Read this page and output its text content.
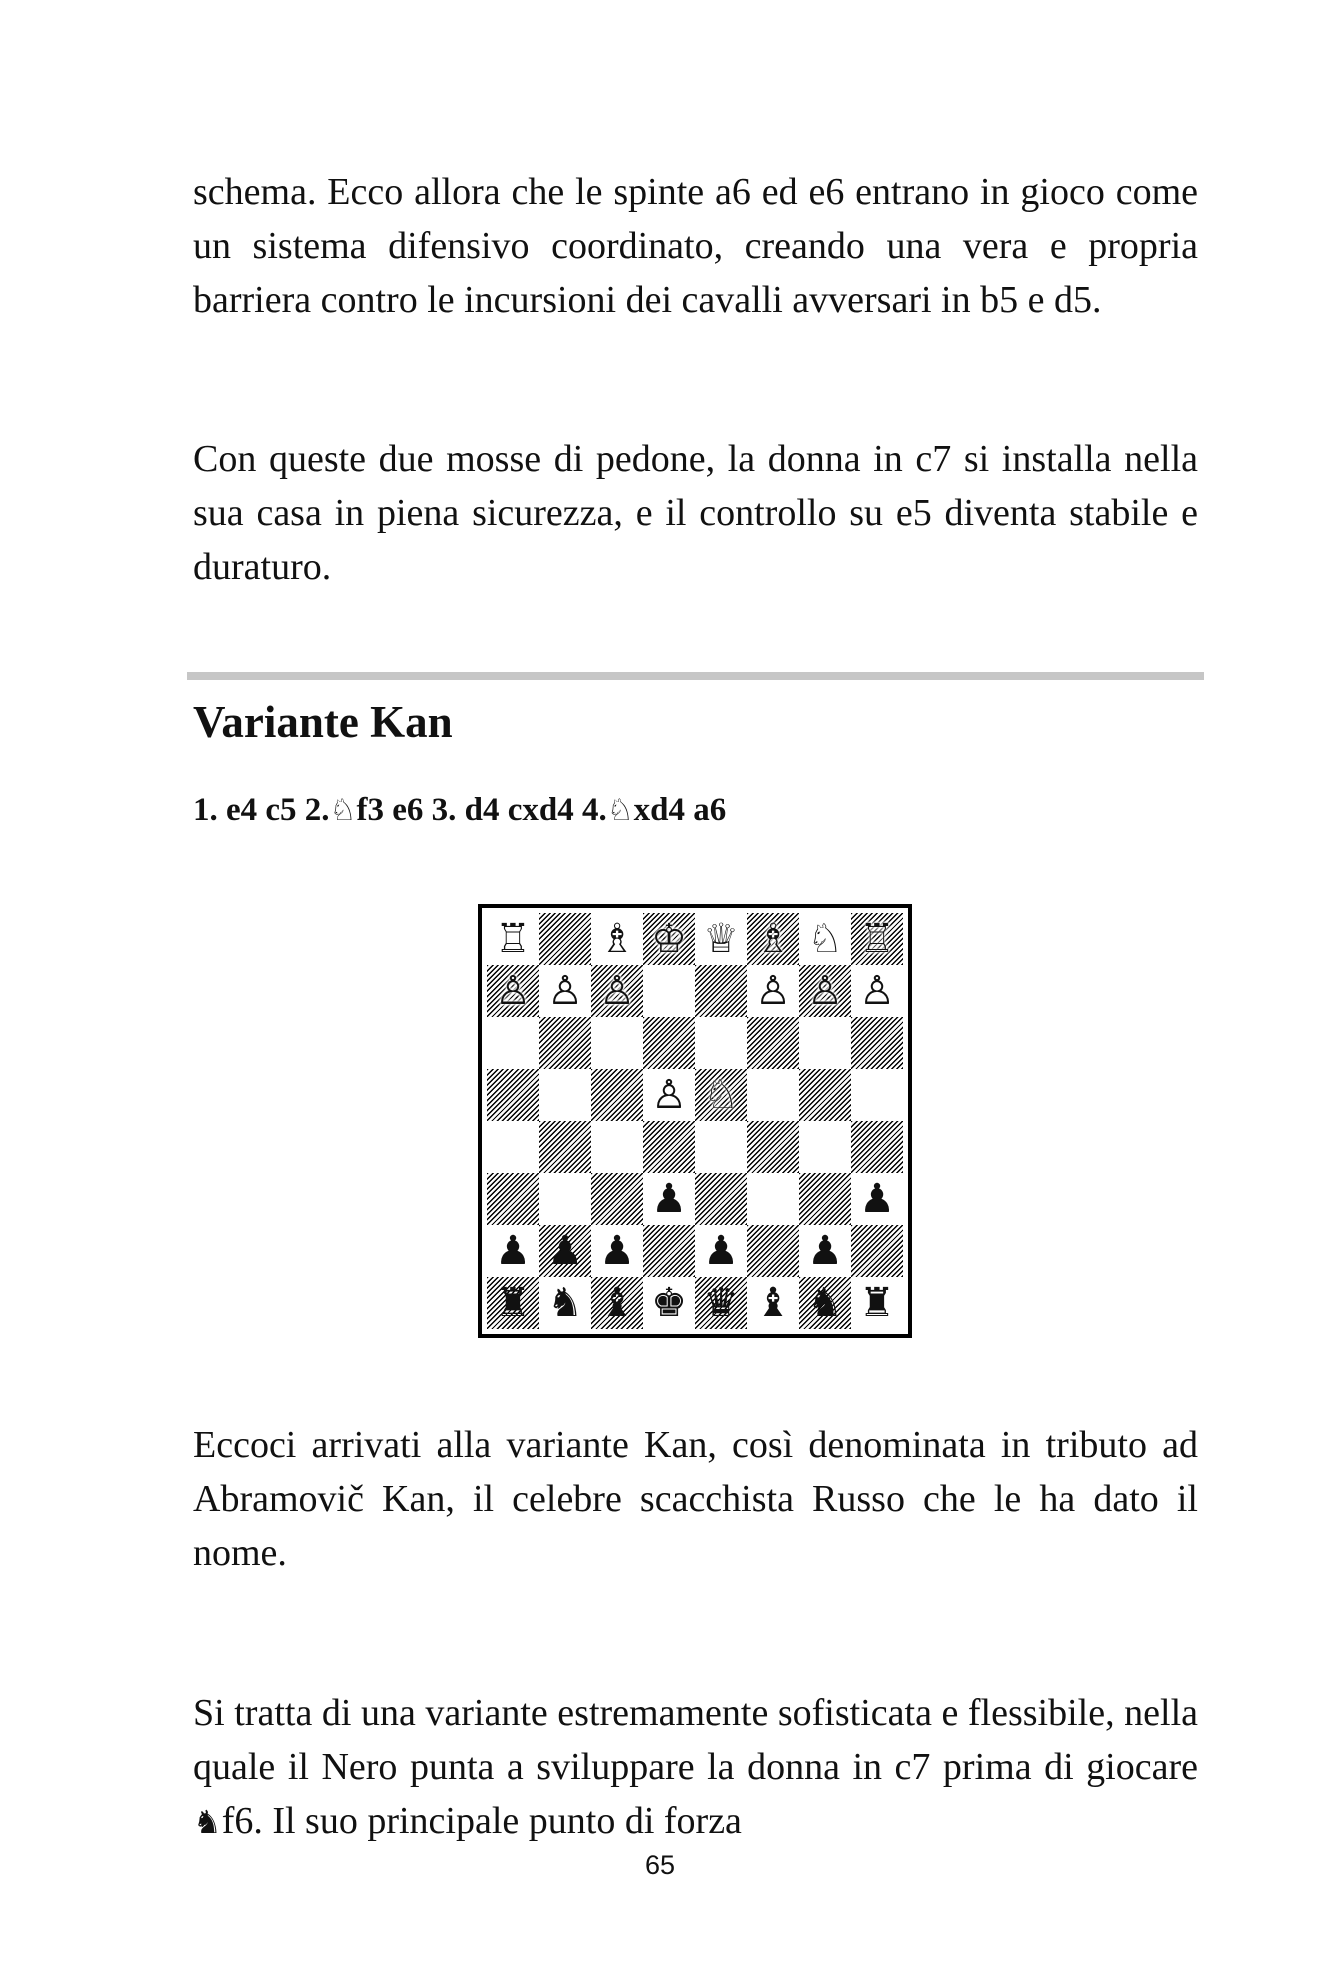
schema. Ecco allora che le spinte a6 ed e6 entrano in gioco come un sistema difensivo coordinato, creando una vera e propria barriera contro le incursioni dei cavalli avversari in b5 e d5.

Con queste due mosse di pedone, la donna in c7 si installa nella sua casa in piena sicurezza, e il controllo su e5 diventa stabile e duraturo.

Variante Kan

1. e4 c5 2.♘f3 e6 3. d4 cxd4 4.♘xd4 a6

♖ ♗ ♔ ♕ ♗ ♘ ♖
♙ ♙ ♙	♙ ♙ ♙
♙ ♘
♟	♟
♟ ♟ ♟ ♟ ♟
♜ ♞ ♝ ♚ ♛ ♝ ♞ ♜

Eccoci arrivati alla variante Kan, così denominata in tributo ad Abramovič Kan, il celebre scacchista Russo che le ha dato il nome.

Si tratta di una variante estremamente sofisticata e flessibile, nella quale il Nero punta a sviluppare la donna in c7 prima di giocare ♞f6. Il suo principale punto di forza

65
